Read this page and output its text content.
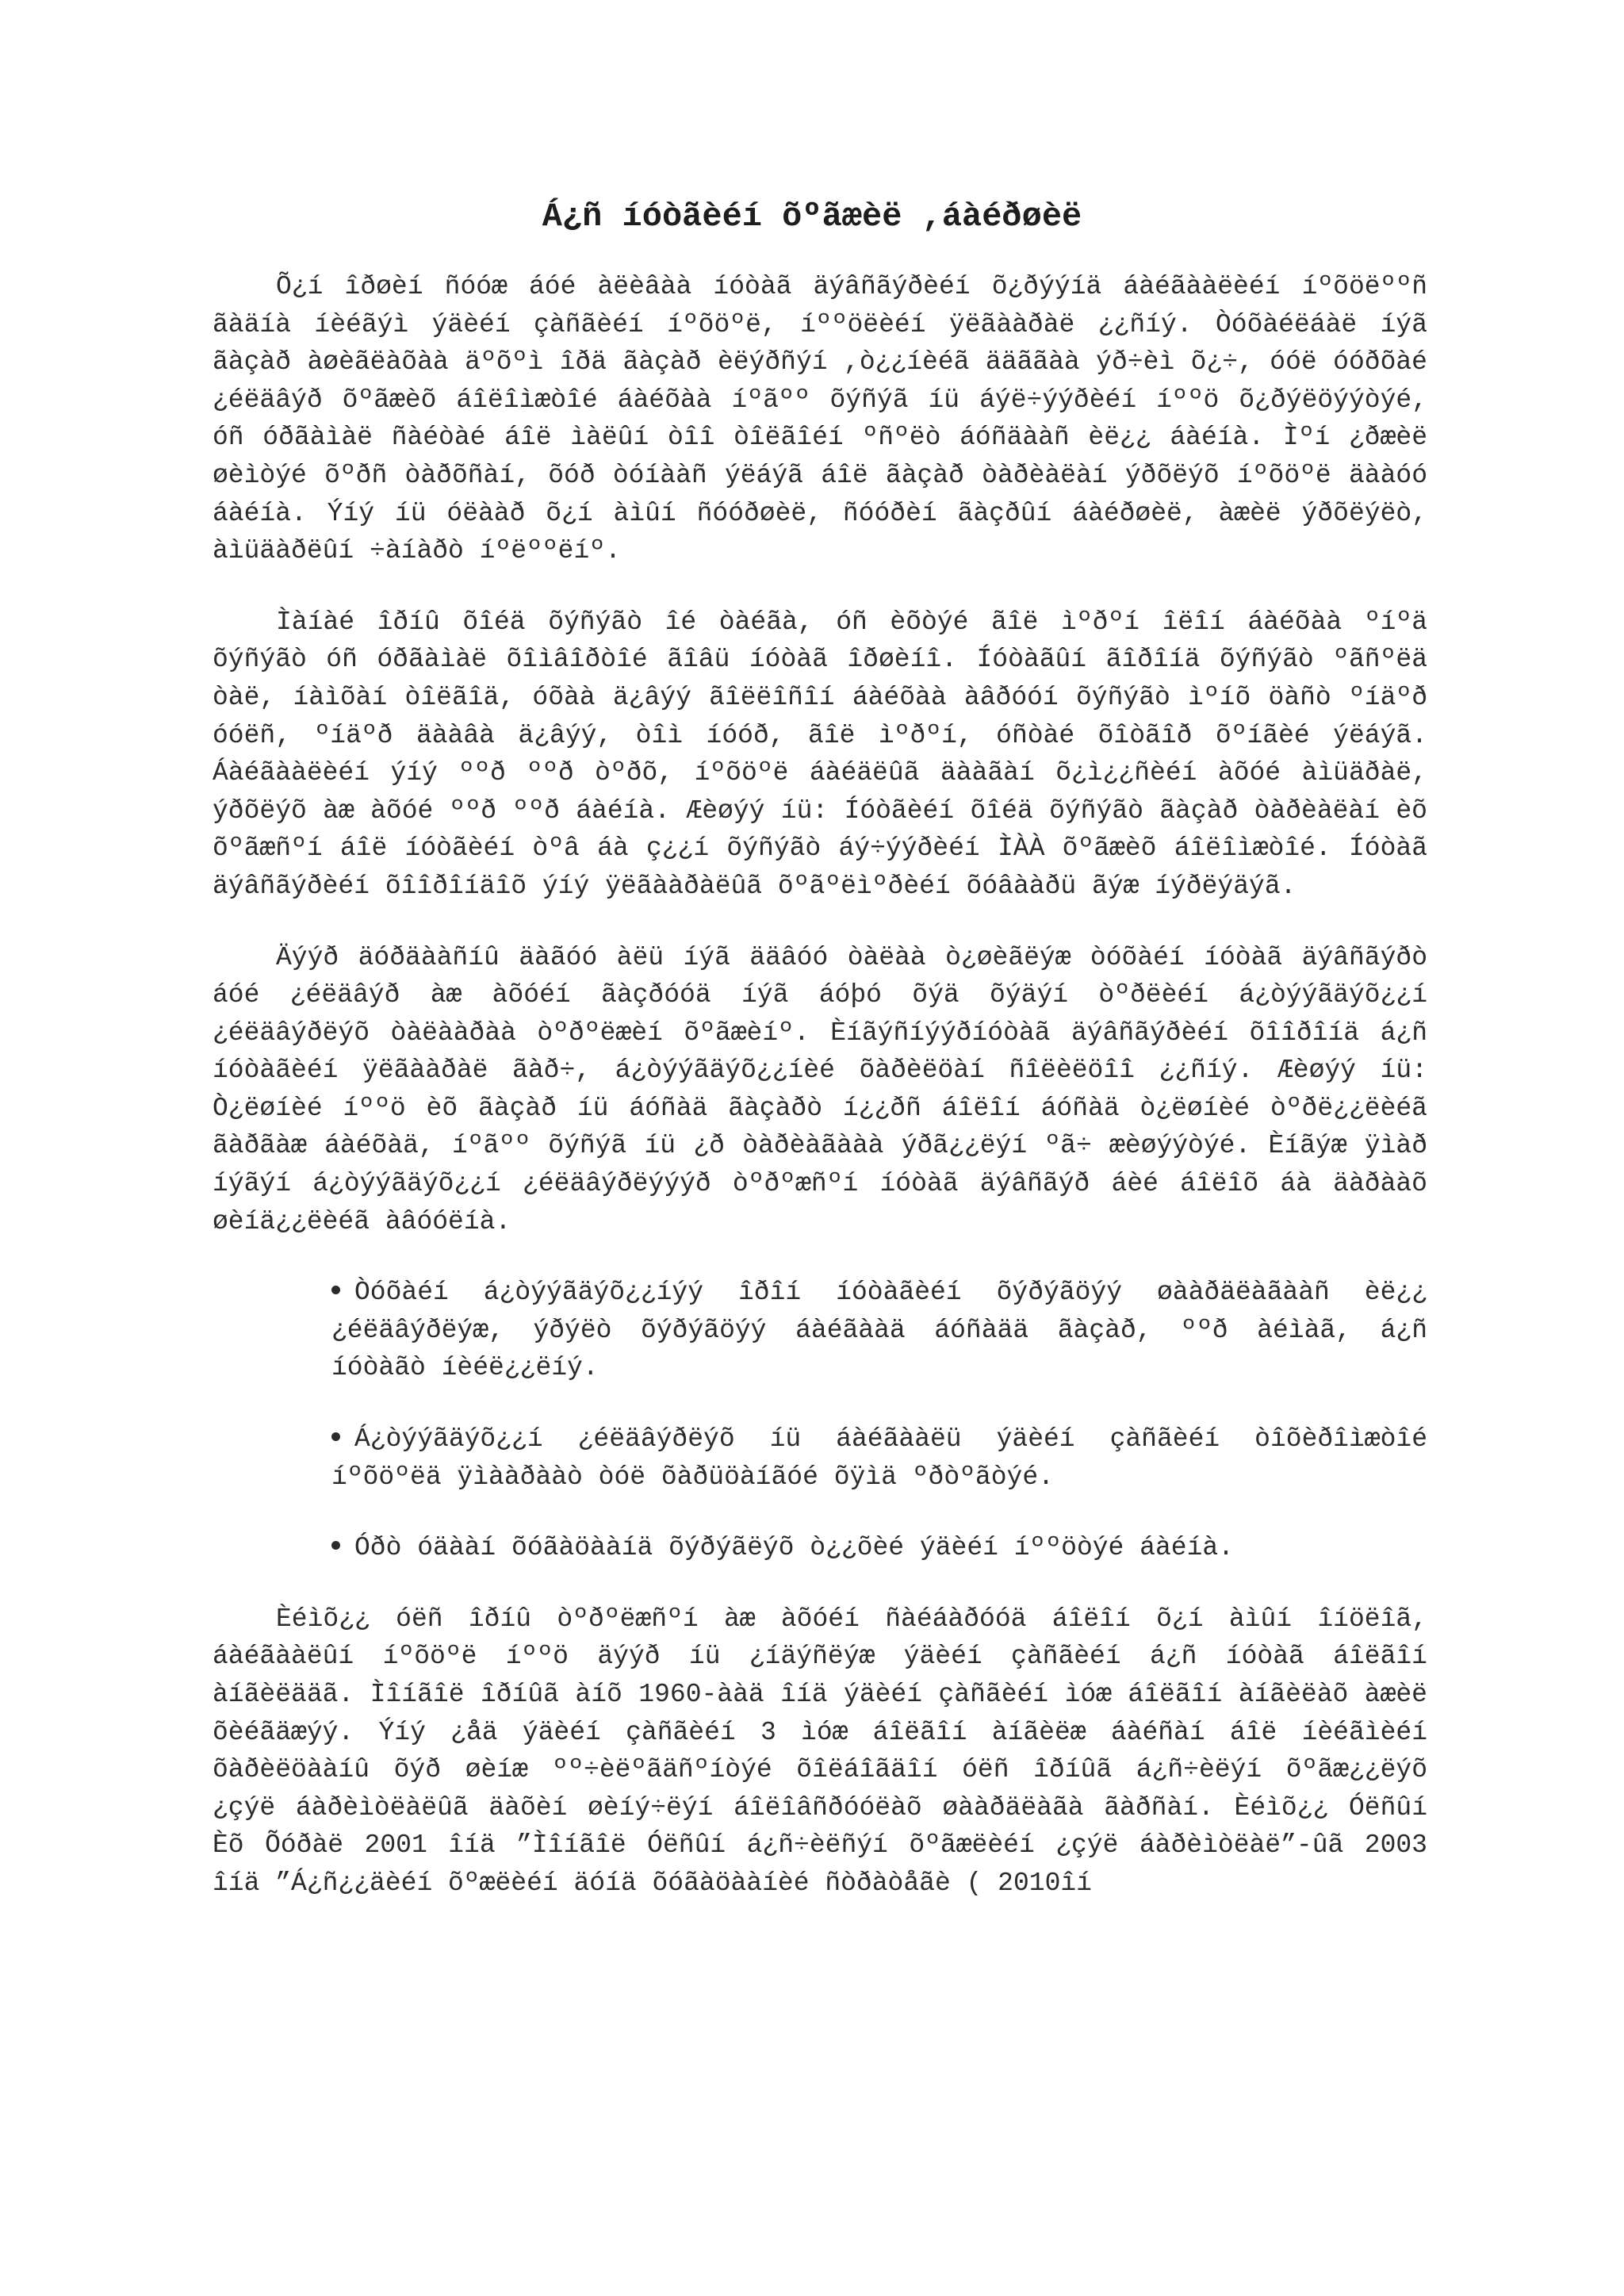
Á¿ñ íóòãèéí õºãæèë ,áàéðøèë

Õ¿í îðøèí ñóóæ áóé àëèâàà íóòàã äýâñãýðèéí õ¿ðýýíä áàéãààëèéí íºõöëººñ ãàäíà íèéãýì ýäèéí çàñãèéí íºõöºë, íººöëèéí ÿëãààðàë ¿¿ñíý. Òóõàéëáàë íýã ãàçàð àøèãëàõàà äºõºì îðä ãàçàð èëýðñýí ,ò¿¿íèéã ääããàà ýð÷èì õ¿÷, óóë óóðõàé ¿éëäâýð õºãæèõ áîëîìæòîé áàéõàà íºãºº õýñýã íü áýë÷ýýðèéí íººö õ¿ðýëöýýòýé, óñ óðãàìàë ñàéòàé áîë ìàëûí òîî òîëãîéí ºñºëò áóñäààñ èë¿¿ áàéíà. Ìºí ¿ðæèë øèìòýé õºðñ òàðõñàí, õóð òóíààñ ýëáýã áîë ãàçàð òàðèàëàí ýðõëýõ íºõöºë äààóó áàéíà. Ýíý íü óëààð õ¿í àìûí ñóóðøèë, ñóóðèí ãàçðûí áàéðøèë, àæèë ýðõëýëò, àìüäàðëûí ÷àíàðò íºëººëíº.

Ìàíàé îðíû õîéä õýñýãò îé òàéãà, óñ èõòýé ãîë ìºðºí îëîí áàéõàà ºíºä õýñýãò óñ óðãàìàë õîìâîðòîé ãîâü íóòàã îðøèíî. Íóòàãûí ãîðîíä õýñýãò ºãñºëä òàë, íàìõàí òîëãîä, óõàà ä¿âýý ãîëëîñîí áàéõàà àâðóóí õýñýãò ìºíõ öàñò ºíäºð óóëñ, ºíäºð äààâà ä¿âýý, òîì íóóð, ãîë ìºðºí, óñòàé õîòãîð õºíãèé ýëáýã. Áàéãààëèéí ýíý ººð ººð òºðõ, íºõöºë áàéäëûã äààãàí õ¿ì¿¿ñèéí àõóé àìüäðàë, ýðõëýõ àæ àõóé ººð ººð áàéíà. Æèøýý íü: Íóòãèéí õîéä õýñýãò ãàçàð òàðèàëàí èõ õºãæñºí áîë íóòãèéí òºâ áà ç¿¿í õýñýãò áý÷ýýðèéí ÌÀÀ õºãæèõ áîëîìæòîé. Íóòàã äýâñãýðèéí õîîðîíäîõ ýíý ÿëãààðàëûã õºãºëìºðèéí õóâààðü ãýæ íýðëýäýã.

Äýýð äóðäààñíû äàãóó àëü íýã ääâóó òàëàà ò¿øèãëýæ òóõàéí íóòàã äýâñãýðò áóé ¿éëäâýð àæ àõóéí ãàçðóóä íýã áóþó õýä õýäýí òºðëèéí á¿òýýãäýõ¿¿í ¿éëäâýðëýõ òàëààðàà òºðºëæèí õºãæèíº. Èíãýñíýýðíóòàã äýâñãýðèéí õîîðîíä á¿ñ íóòàãèéí ÿëãààðàë ãàð÷, á¿òýýãäýõ¿¿íèé õàðèëöàí ñîëèëöîî ¿¿ñíý. Æèøýý íü: Ò¿ëøíèé íººö èõ ãàçàð íü áóñàä ãàçàðò í¿¿ðñ áîëîí áóñàä ò¿ëøíèé òºðë¿¿ëèéã ãàðãàæ áàéõàä, íºãºº õýñýã íü ¿ð òàðèàãààà ýðã¿¿ëýí ºã÷ æèøýýòýé. Èíãýæ ÿìàð íýãýí á¿òýýãäýõ¿¿í ¿éëäâýðëýýýð òºðºæñºí íóòàã äýâñãýð áèé áîëîõ áà äàðààõ øèíä¿¿ëèéã àâóóëíà.

Òóõàéí á¿òýýãäýõ¿¿íýý îðîí íóòàãèéí õýðýãöýý øààðäëàãààñ èë¿¿ ¿éëäâýðëýæ, ýðýëò õýðýãöýý áàéãààä áóñàää ãàçàð, ººð àéìàã, á¿ñ íóòàãò íèéë¿¿ëíý.
Á¿òýýãäýõ¿¿í ¿éëäâýðëýõ íü áàéãààëü ýäèéí çàñãèéí òîõèðîìæòîé íºõöºëä ÿìààðààò òóë õàðüöàíãóé õÿìä ºðòºãòýé.
Óðò óäààí õóãàöààíä õýðýãëýõ ò¿¿õèé ýäèéí íººöòýé áàéíà.

Èéìõ¿¿ óëñ îðíû òºðºëæñºí àæ àõóéí ñàéáàðóóä áîëîí õ¿í àìûí îíöëîã, áàéãààëûí íºõöºë íººö äýýð íü ¿íäýñëýæ ýäèéí çàñãèéí á¿ñ íóòàã áîëãîí àíãèëääã. Ìîíãîë îðíûã àíõ 1960-ààä îíä ýäèéí çàñãèéí ìóæ áîëãîí àíãèëàõ àæèë õèéãäæýý. Ýíý ¿åä ýäèéí çàñãèéí 3 ìóæ áîëãîí àíãèëæ áàéñàí áîë íèéãìèéí õàðèëöààíû õýð øèíæ ºº÷èëºãäñºíòýé õîëáîãäîí óëñ îðíûã á¿ñ÷èëýí õºãæ¿¿ëýõ ¿çýë áàðèìòëàëûã äàõèí øèíý÷ëýí áîëîâñðóóëàõ øààðäëàãà ãàðñàí. Èéìõ¿¿ Óëñûí Èõ Õóðàë 2001 îíä ”Ìîíãîë Óëñûí á¿ñ÷èëñýí õºãæëèéí ¿çýë áàðèìòëàë”-ûã 2003 îíä ”Á¿ñ¿¿äèéí õºæëèéí äóíä õóãàöààíèé ñòðàòåãè ( 2010îí
